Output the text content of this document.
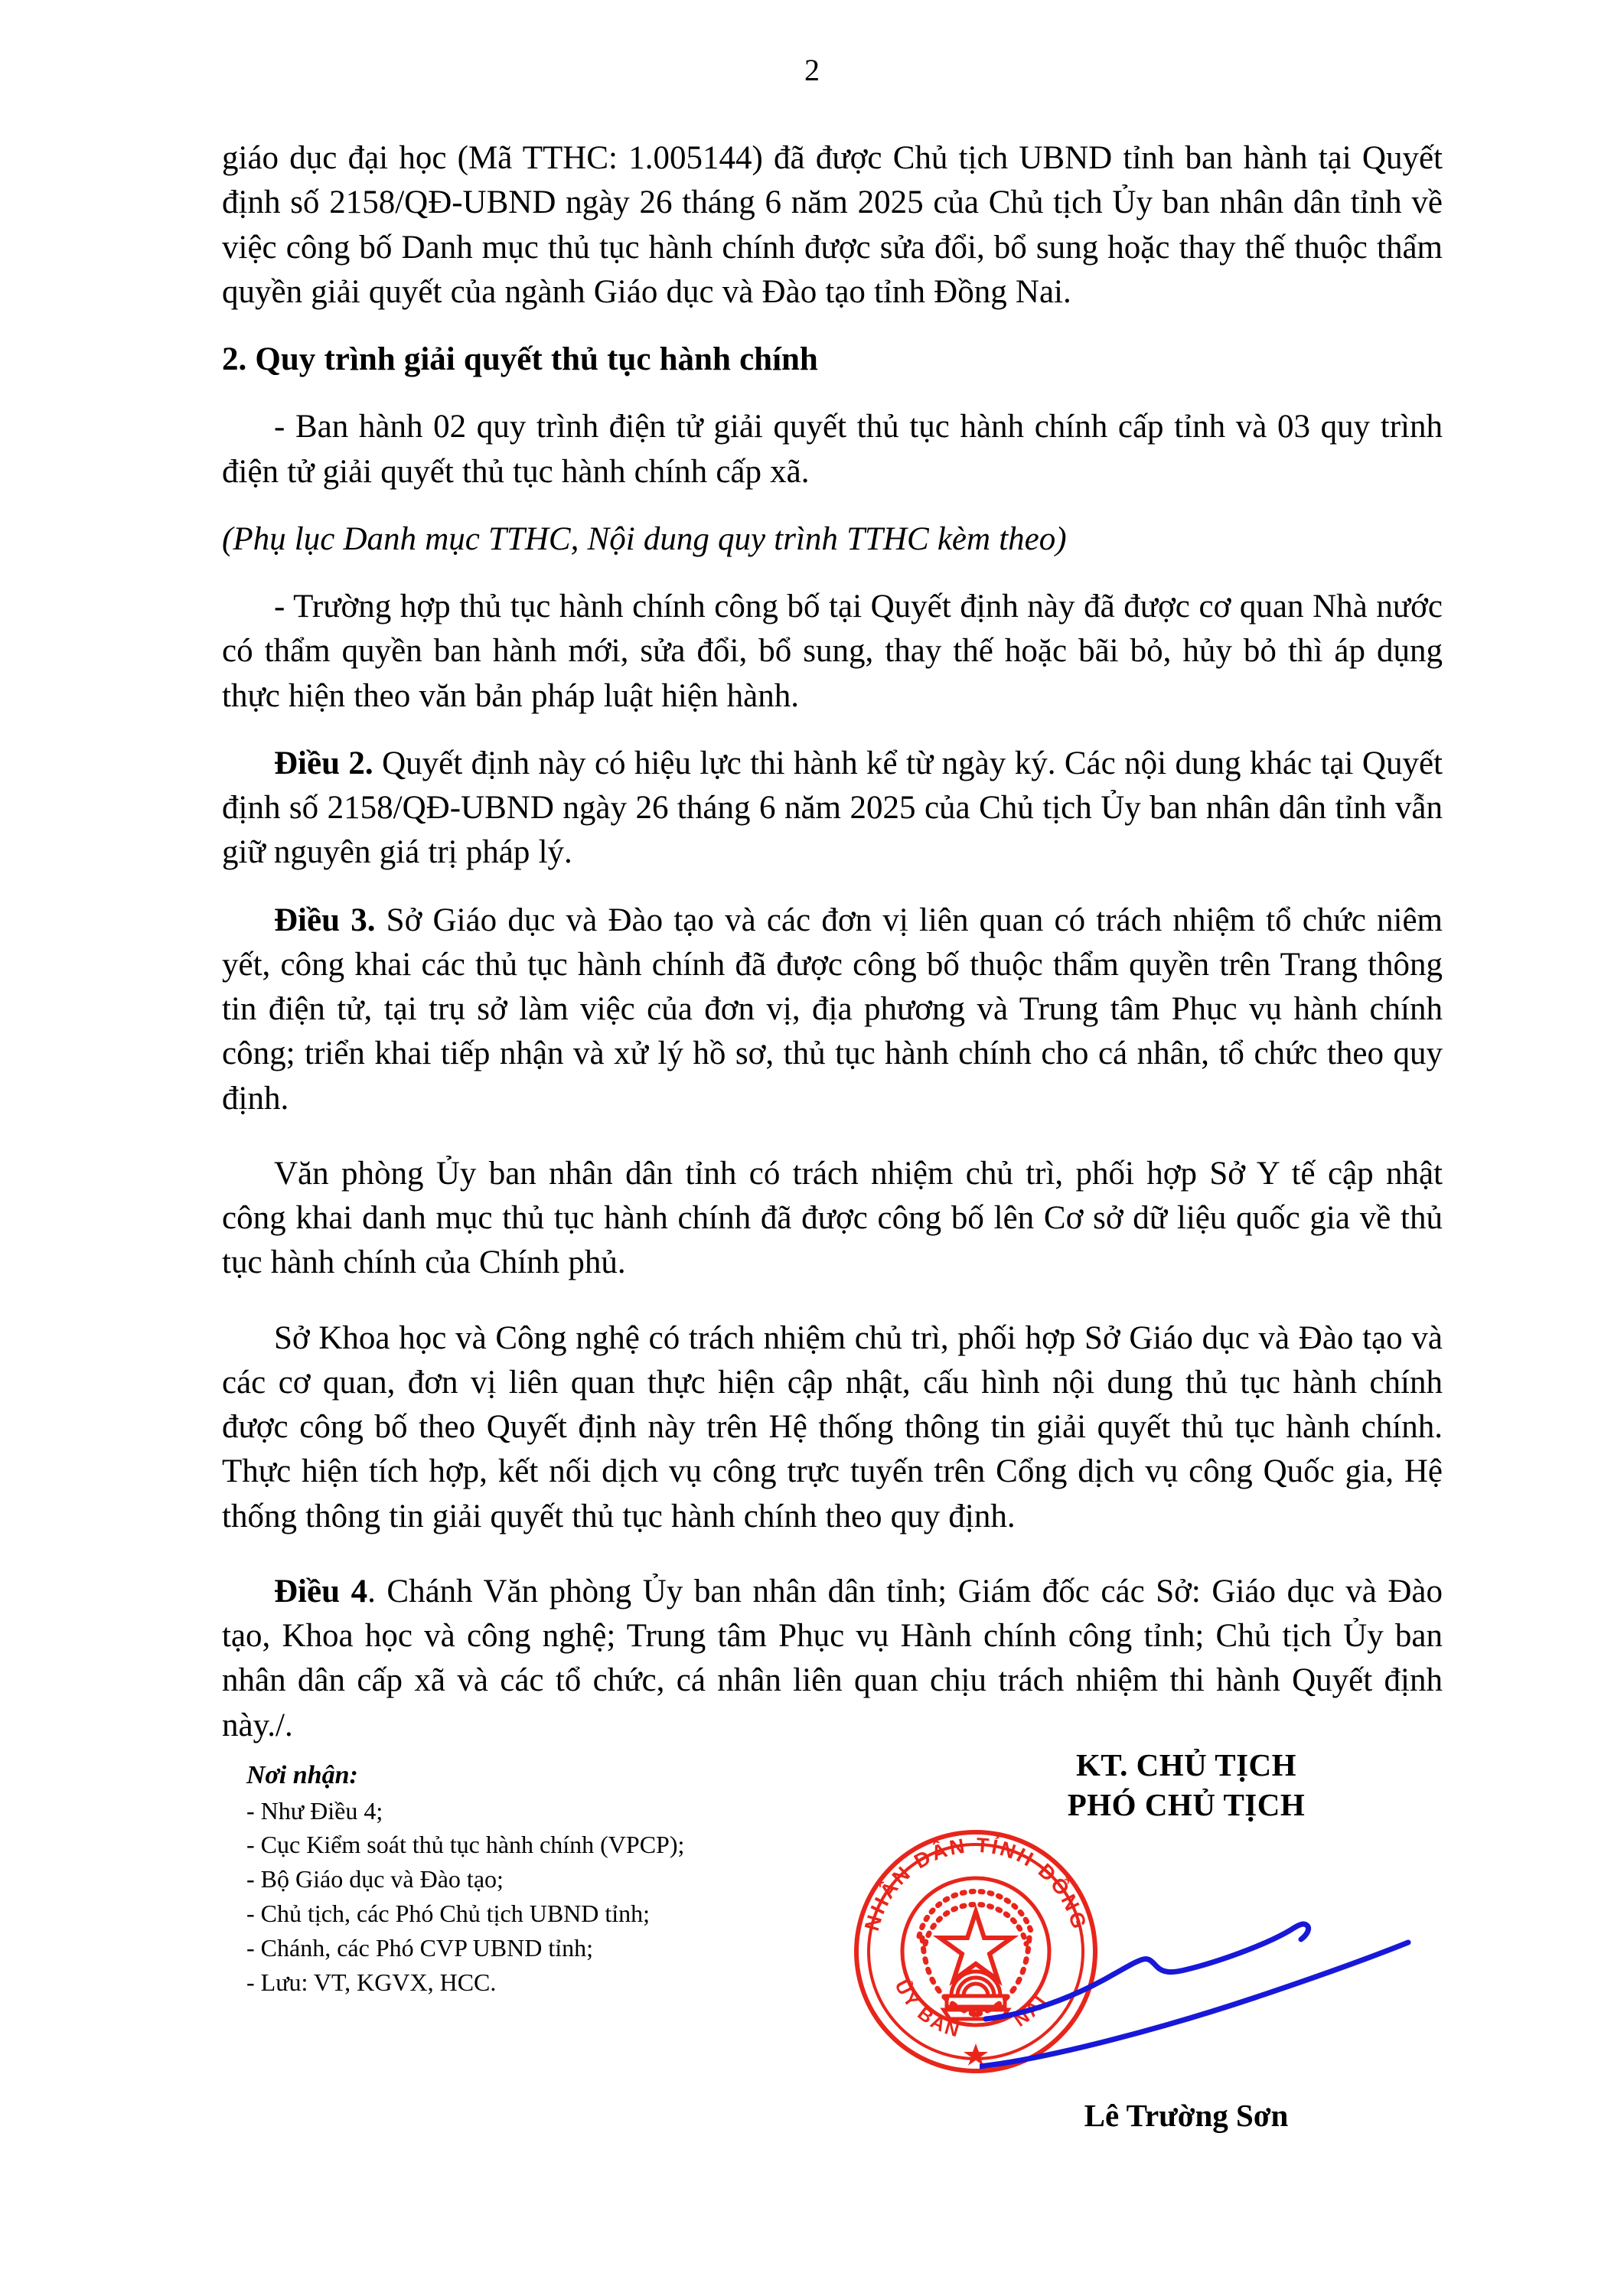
2

giáo dục đại học (Mã TTHC: 1.005144) đã được Chủ tịch UBND tỉnh ban hành tại Quyết định số 2158/QĐ-UBND ngày 26 tháng 6 năm 2025 của Chủ tịch Ủy ban nhân dân tỉnh về việc công bố Danh mục thủ tục hành chính được sửa đổi, bổ sung hoặc thay thế thuộc thẩm quyền giải quyết của ngành Giáo dục và Đào tạo tỉnh Đồng Nai.

2. Quy trình giải quyết thủ tục hành chính

- Ban hành 02 quy trình điện tử giải quyết thủ tục hành chính cấp tỉnh và 03 quy trình điện tử giải quyết thủ tục hành chính cấp xã.

(Phụ lục Danh mục TTHC, Nội dung quy trình TTHC kèm theo)

- Trường hợp thủ tục hành chính công bố tại Quyết định này đã được cơ quan Nhà nước có thẩm quyền ban hành mới, sửa đổi, bổ sung, thay thế hoặc bãi bỏ, hủy bỏ thì áp dụng thực hiện theo văn bản pháp luật hiện hành.

Điều 2. Quyết định này có hiệu lực thi hành kể từ ngày ký. Các nội dung khác tại Quyết định số 2158/QĐ-UBND ngày 26 tháng 6 năm 2025 của Chủ tịch Ủy ban nhân dân tỉnh vẫn giữ nguyên giá trị pháp lý.

Điều 3. Sở Giáo dục và Đào tạo và các đơn vị liên quan có trách nhiệm tổ chức niêm yết, công khai các thủ tục hành chính đã được công bố thuộc thẩm quyền trên Trang thông tin điện tử, tại trụ sở làm việc của đơn vị, địa phương và Trung tâm Phục vụ hành chính công; triển khai tiếp nhận và xử lý hồ sơ, thủ tục hành chính cho cá nhân, tổ chức theo quy định.

Văn phòng Ủy ban nhân dân tỉnh có trách nhiệm chủ trì, phối hợp Sở Y tế cập nhật công khai danh mục thủ tục hành chính đã được công bố lên Cơ sở dữ liệu quốc gia về thủ tục hành chính của Chính phủ.

Sở Khoa học và Công nghệ có trách nhiệm chủ trì, phối hợp Sở Giáo dục và Đào tạo và các cơ quan, đơn vị liên quan thực hiện cập nhật, cấu hình nội dung thủ tục hành chính được công bố theo Quyết định này trên Hệ thống thông tin giải quyết thủ tục hành chính. Thực hiện tích hợp, kết nối dịch vụ công trực tuyến trên Cổng dịch vụ công Quốc gia, Hệ thống thông tin giải quyết thủ tục hành chính theo quy định.

Điều 4. Chánh Văn phòng Ủy ban nhân dân tỉnh; Giám đốc các Sở: Giáo dục và Đào tạo, Khoa học và công nghệ; Trung tâm Phục vụ Hành chính công tỉnh; Chủ tịch Ủy ban nhân dân cấp xã và các tổ chức, cá nhân liên quan chịu trách nhiệm thi hành Quyết định này./.

Nơi nhận:
- Như Điều 4;
- Cục Kiểm soát thủ tục hành chính (VPCP);
- Bộ Giáo dục và Đào tạo;
- Chủ tịch, các Phó Chủ tịch UBND tỉnh;
- Chánh, các Phó CVP UBND tỉnh;
- Lưu: VT, KGVX, HCC.
KT. CHỦ TỊCH
PHÓ CHỦ TỊCH
NHÂN DÂN TỈNH ĐỒNG
ỦY BAN NAI
Lê Trường Sơn
